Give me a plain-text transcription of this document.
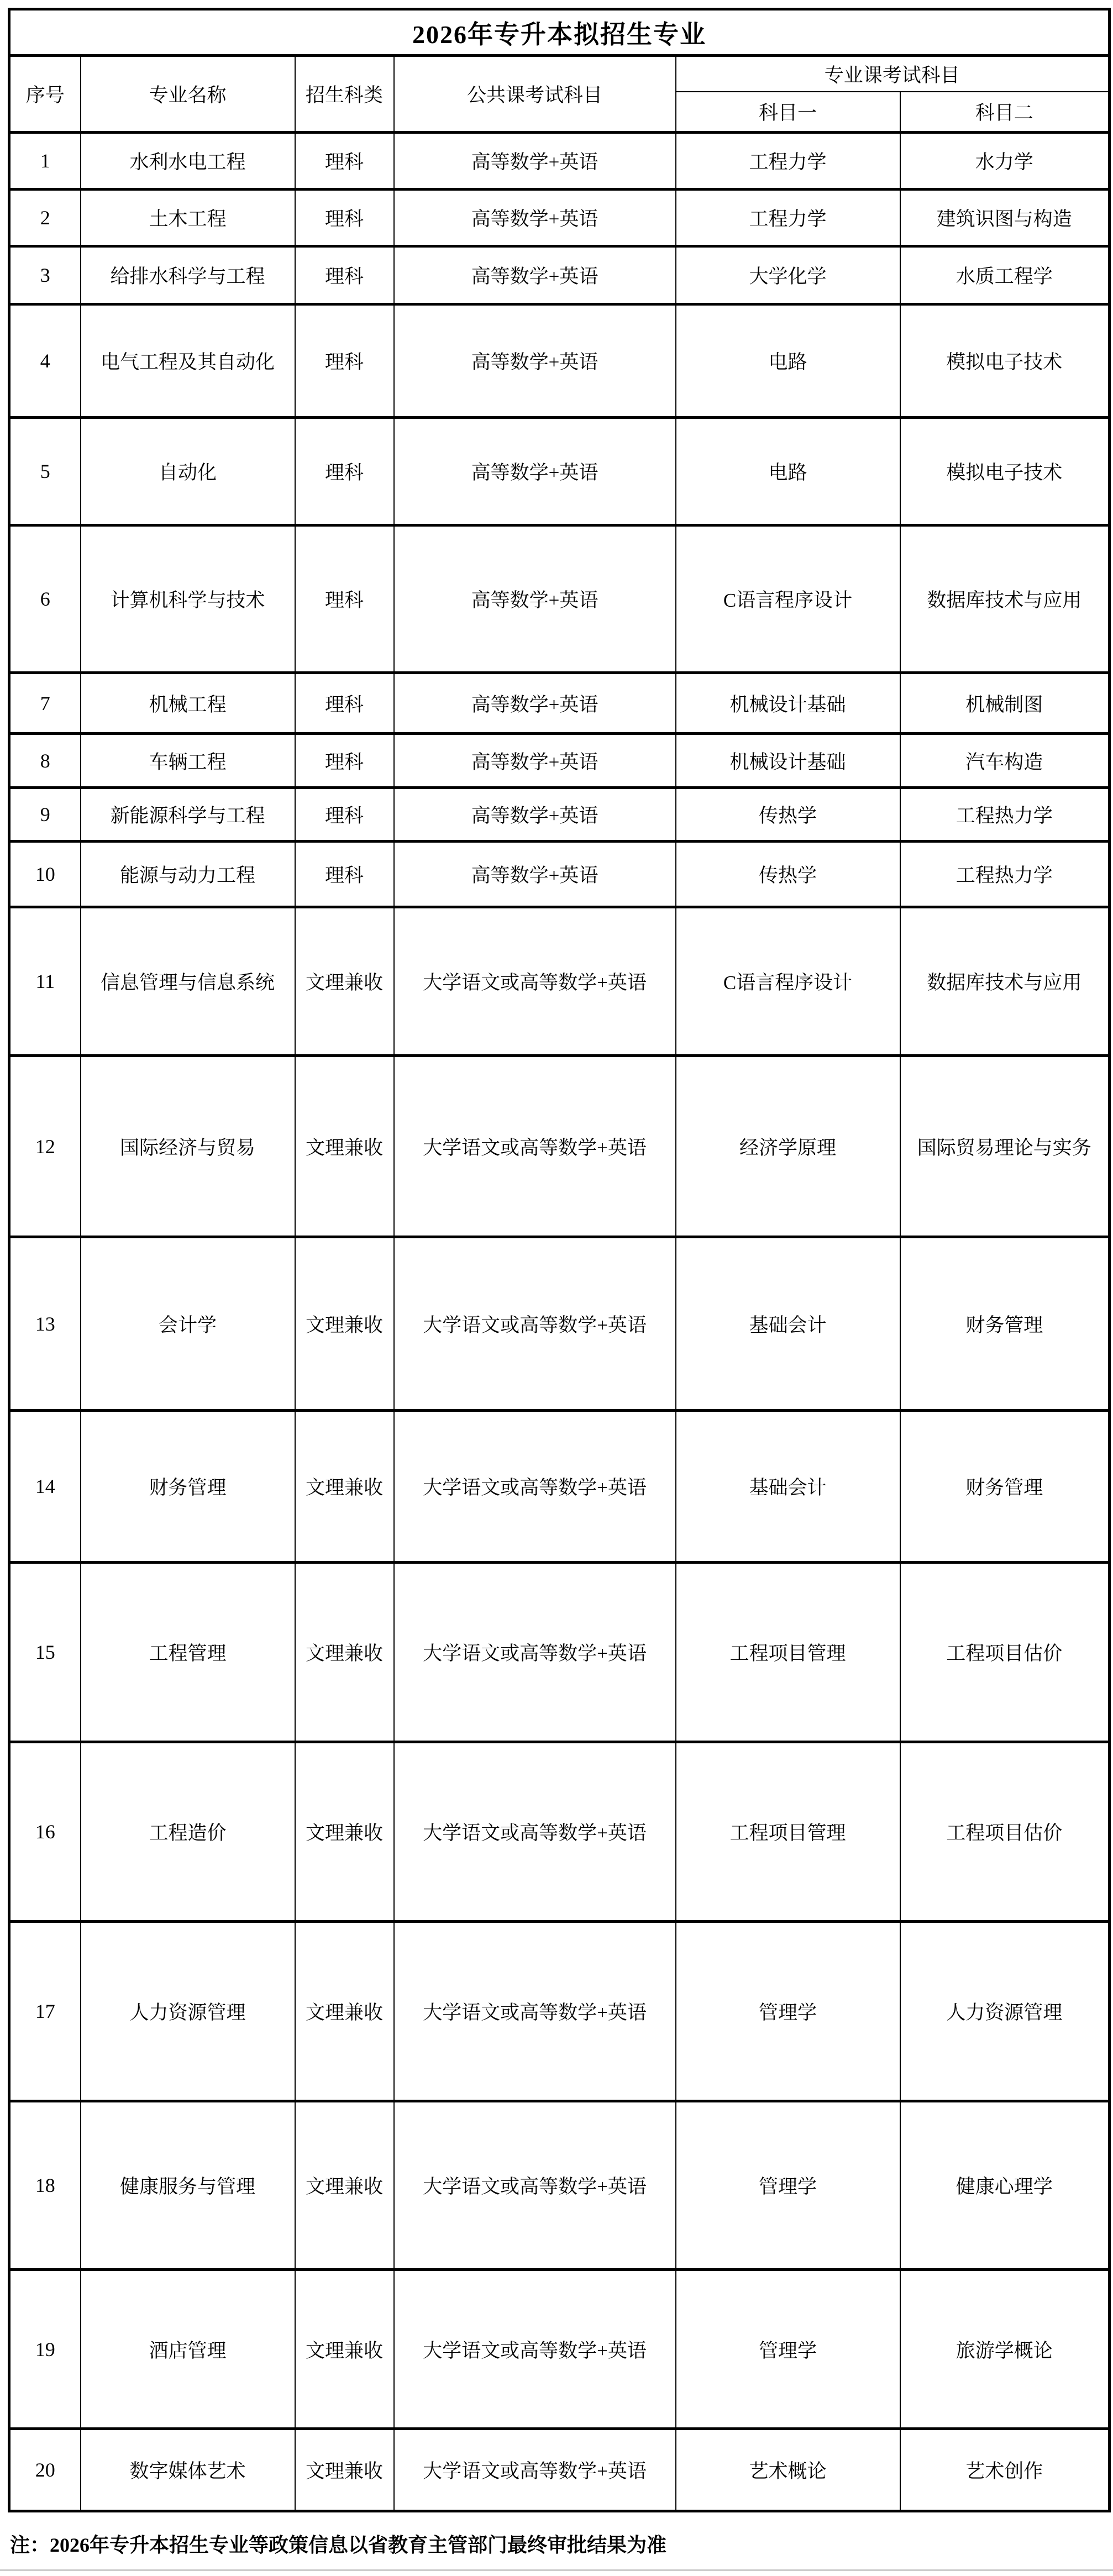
2026年专升本拟招生专业					
序号	专业名称	招生科类	公共课考试科目	专业课考试科目	
				科目一	科目二
1	水利水电工程	理科	高等数学+英语	工程力学	水力学
2	土木工程	理科	高等数学+英语	工程力学	建筑识图与构造
3	给排水科学与工程	理科	高等数学+英语	大学化学	水质工程学
4	电气工程及其自动化	理科	高等数学+英语	电路	模拟电子技术
5	自动化	理科	高等数学+英语	电路	模拟电子技术
6	计算机科学与技术	理科	高等数学+英语	C语言程序设计	数据库技术与应用
7	机械工程	理科	高等数学+英语	机械设计基础	机械制图
8	车辆工程	理科	高等数学+英语	机械设计基础	汽车构造
9	新能源科学与工程	理科	高等数学+英语	传热学	工程热力学
10	能源与动力工程	理科	高等数学+英语	传热学	工程热力学
11	信息管理与信息系统	文理兼收	大学语文或高等数学+英语	C语言程序设计	数据库技术与应用
12	国际经济与贸易	文理兼收	大学语文或高等数学+英语	经济学原理	国际贸易理论与实务
13	会计学	文理兼收	大学语文或高等数学+英语	基础会计	财务管理
14	财务管理	文理兼收	大学语文或高等数学+英语	基础会计	财务管理
15	工程管理	文理兼收	大学语文或高等数学+英语	工程项目管理	工程项目估价
16	工程造价	文理兼收	大学语文或高等数学+英语	工程项目管理	工程项目估价
17	人力资源管理	文理兼收	大学语文或高等数学+英语	管理学	人力资源管理
18	健康服务与管理	文理兼收	大学语文或高等数学+英语	管理学	健康心理学
19	酒店管理	文理兼收	大学语文或高等数学+英语	管理学	旅游学概论
20	数字媒体艺术	文理兼收	大学语文或高等数学+英语	艺术概论	艺术创作
注：2026年专升本招生专业等政策信息以省教育主管部门最终审批结果为准
